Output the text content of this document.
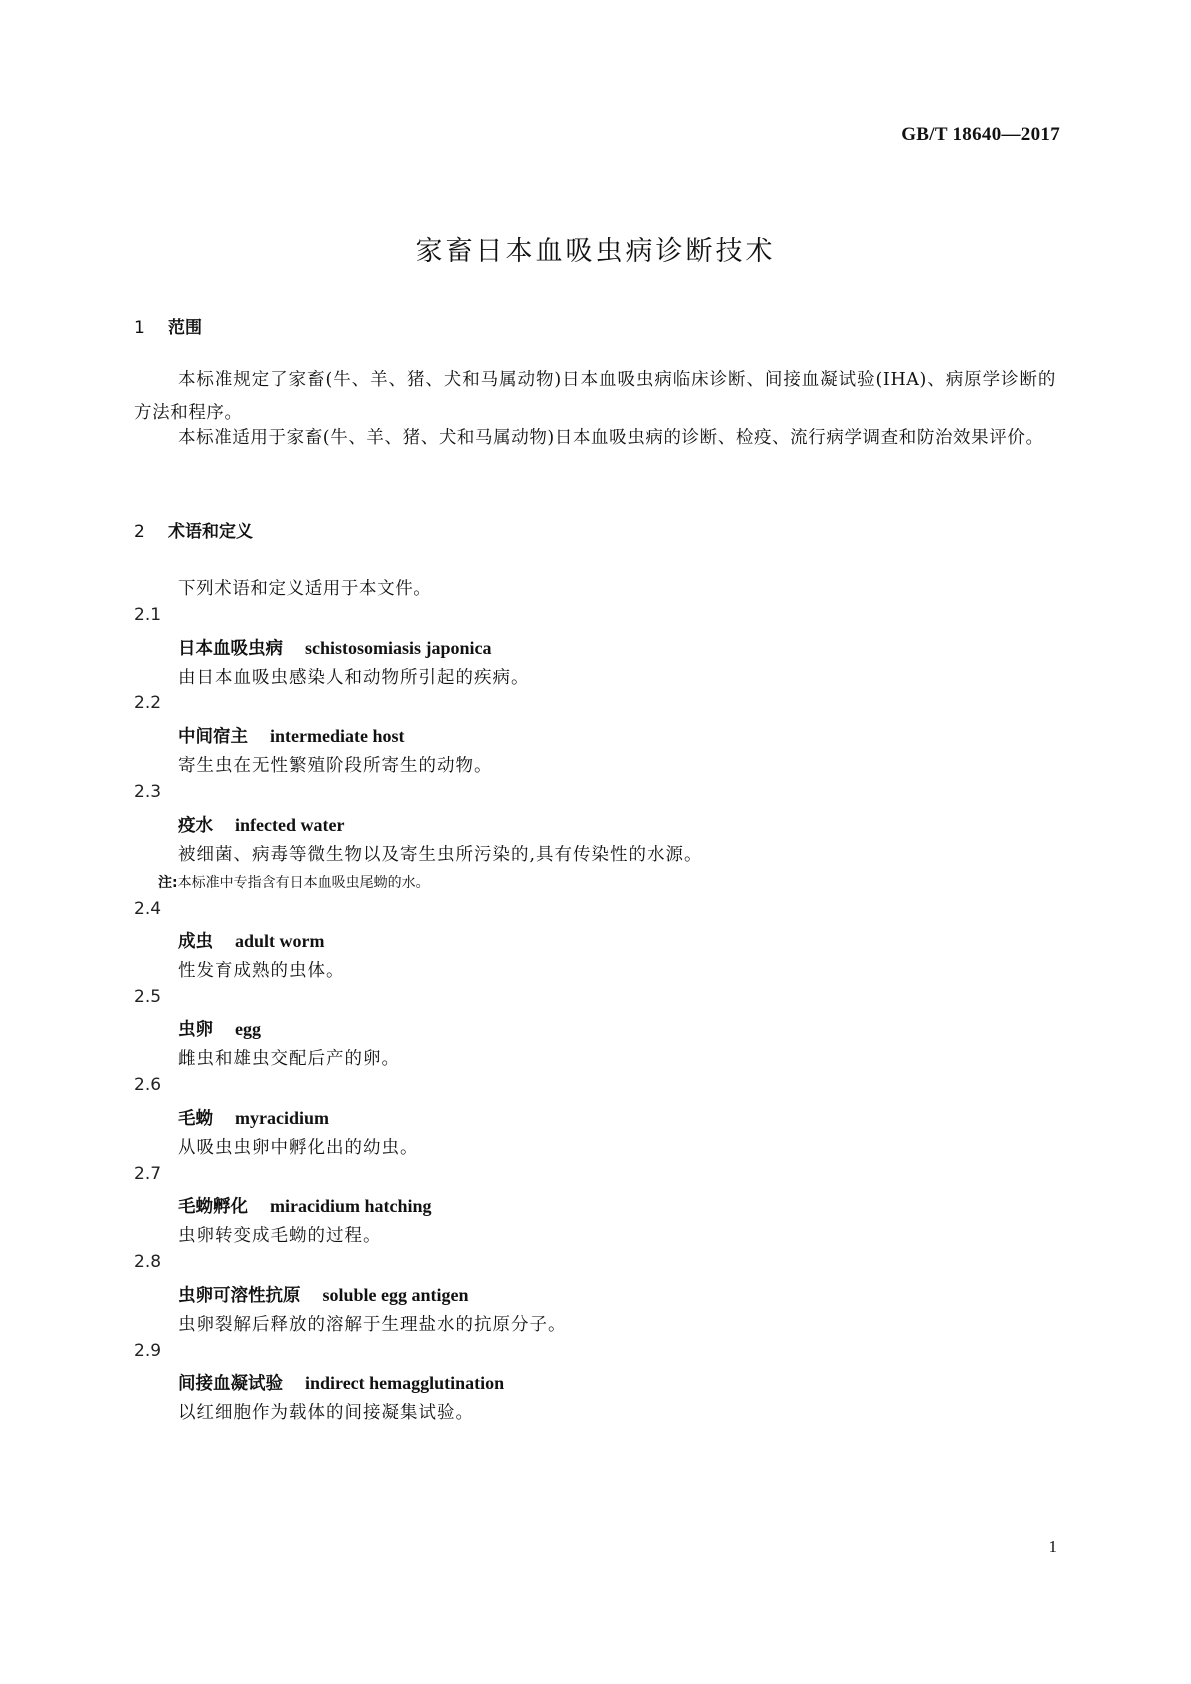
GB/T 18640—2017
家畜日本血吸虫病诊断技术
1 范围
本标准规定了家畜(牛、羊、猪、犬和马属动物)日本血吸虫病临床诊断、间接血凝试验(IHA)、病原学诊断的方法和程序。
本标准适用于家畜(牛、羊、猪、犬和马属动物)日本血吸虫病的诊断、检疫、流行病学调查和防治效果评价。
2 术语和定义
下列术语和定义适用于本文件。
2.1
日本血吸虫病 schistosomiasis japonica
由日本血吸虫感染人和动物所引起的疾病。
2.2
中间宿主 intermediate host
寄生虫在无性繁殖阶段所寄生的动物。
2.3
疫水 infected water
被细菌、病毒等微生物以及寄生虫所污染的,具有传染性的水源。
注:本标准中专指含有日本血吸虫尾蚴的水。
2.4
成虫 adult worm
性发育成熟的虫体。
2.5
虫卵 egg
雌虫和雄虫交配后产的卵。
2.6
毛蚴 myracidium
从吸虫虫卵中孵化出的幼虫。
2.7
毛蚴孵化 miracidium hatching
虫卵转变成毛蚴的过程。
2.8
虫卵可溶性抗原 soluble egg antigen
虫卵裂解后释放的溶解于生理盐水的抗原分子。
2.9
间接血凝试验 indirect hemagglutination
以红细胞作为载体的间接凝集试验。
1
